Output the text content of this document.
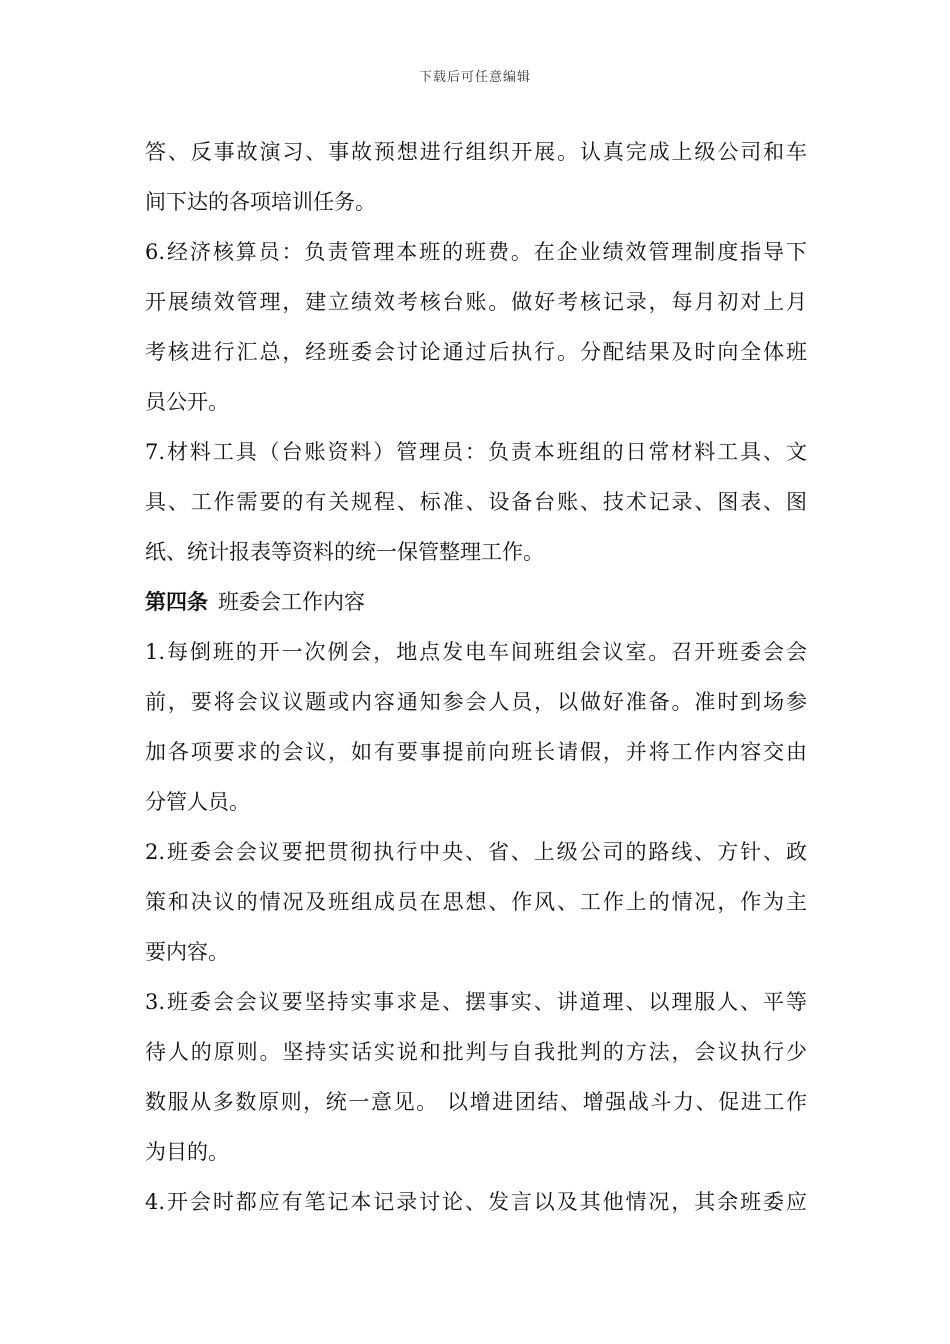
下载后可任意编辑
答、反事故演习、事故预想进行组织开展。认真完成上级公司和车
间下达的各项培训任务。
6.经济核算员：负责管理本班的班费。在企业绩效管理制度指导下
开展绩效管理，建立绩效考核台账。做好考核记录，每月初对上月
考核进行汇总，经班委会讨论通过后执行。分配结果及时向全体班
员公开。
7.材料工具（台账资料）管理员：负责本班组的日常材料工具、文
具、工作需要的有关规程、标准、设备台账、技术记录、图表、图
纸、统计报表等资料的统一保管整理工作。
第四条 班委会工作内容
1.每倒班的开一次例会，地点发电车间班组会议室。召开班委会会
前，要将会议议题或内容通知参会人员，以做好准备。准时到场参
加各项要求的会议，如有要事提前向班长请假，并将工作内容交由
分管人员。
2.班委会会议要把贯彻执行中央、省、上级公司的路线、方针、政
策和决议的情况及班组成员在思想、作风、工作上的情况，作为主
要内容。
3.班委会会议要坚持实事求是、摆事实、讲道理、以理服人、平等
待人的原则。坚持实话实说和批判与自我批判的方法，会议执行少
数服从多数原则，统一意见。 以增进团结、增强战斗力、促进工作
为目的。
4.开会时都应有笔记本记录讨论、发言以及其他情况，其余班委应
